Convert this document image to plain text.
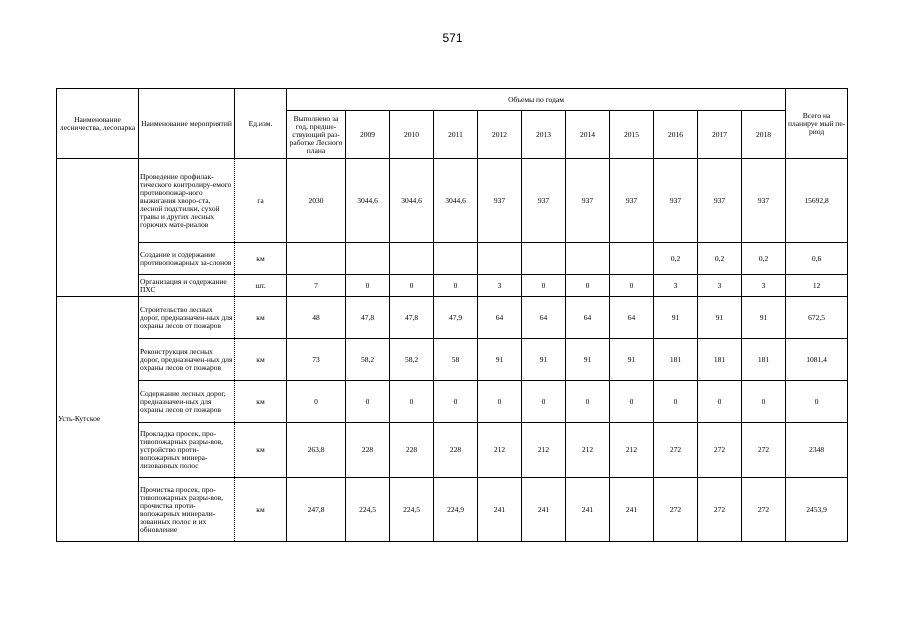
571
Наименование лесничества, лесопарка	Наименование мероприятий	Ед.изм.	Объемы по годам											Всего на планируе мый пе-риод
			Выполнено за год, предше-ствующий раз-работке Лесного плана	2009	2010	2011	2012	2013	2014	2015	2016	2017	2018	
	Проведение профилак-тического контролиру-емого противопожар-ного выжигания хворо-ста, лесной подстилки, сухой травы и других лесных горючих мате-риалов	га	2030	3044,6	3044,6	3044,6	937	937	937	937	937	937	937	15692,8
	Создание и содержание противопожарных за-слонов	км									0,2	0,2	0,2	0,6
	Организация и содержание ПХС	шт.	7	0	0	0	3	0	0	0	3	3	3	12
Усть-Кутское	Строительство лесных дорог, предназначен-ных для охраны лесов от пожаров	км	48	47,8	47,8	47,9	64	64	64	64	91	91	91	672,5
	Реконструкция лесных дорог, предназначен-ных для охраны лесов от пожаров	км	73	58,2	58,2	58	91	91	91	91	181	181	181	1081,4
	Содержание лесных дорог, предназначен-ных для охраны лесов от пожаров	км	0	0	0	0	0	0	0	0	0	0	0	0
	Прокладка просек, про-тивопожарных разры-вов, устройство проти-вопожарных минера-лизованных полос	км	263,8	228	228	228	212	212	212	212	272	272	272	2348
	Прочистка просек, про-тивопожарных разры-вов, прочистка проти-вопожарных минерали-зованных полос и их обновление	км	247,8	224,5	224,5	224,9	241	241	241	241	272	272	272	2453,9
